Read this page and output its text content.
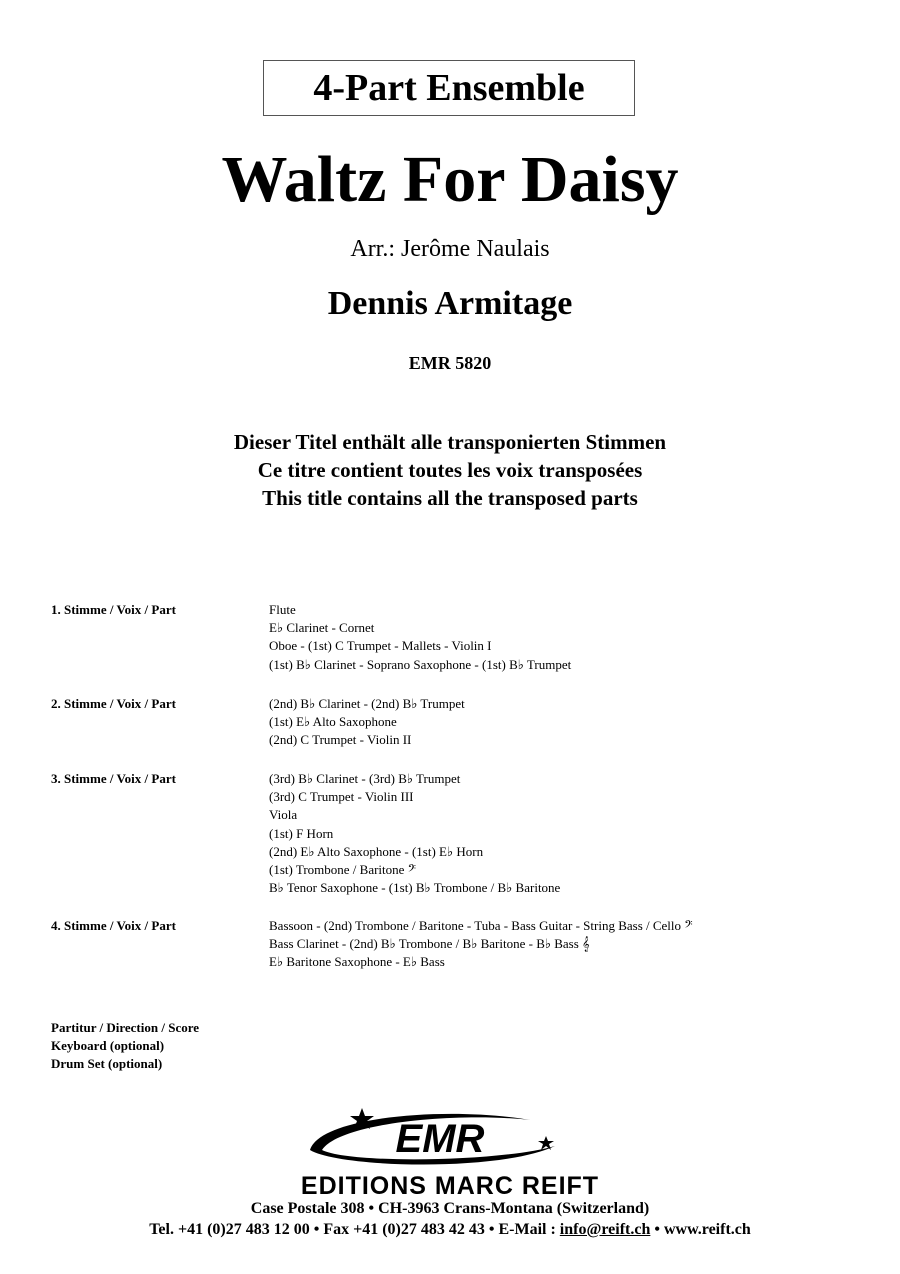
4-Part Ensemble
Waltz For Daisy
Arr.: Jerôme Naulais
Dennis Armitage
EMR 5820
Dieser Titel enthält alle transponierten Stimmen
Ce titre contient toutes les voix transposées
This title contains all the transposed parts
1. Stimme / Voix / Part	Flute
E♭ Clarinet - Cornet
Oboe - (1st) C Trumpet - Mallets - Violin I
(1st) B♭ Clarinet - Soprano Saxophone - (1st) B♭ Trumpet
2. Stimme / Voix / Part	(2nd) B♭ Clarinet - (2nd) B♭ Trumpet
(1st) E♭ Alto Saxophone
(2nd) C Trumpet - Violin II
3. Stimme / Voix / Part	(3rd) B♭ Clarinet - (3rd) B♭ Trumpet
(3rd) C Trumpet - Violin III
Viola
(1st) F Horn
(2nd) E♭ Alto Saxophone - (1st) E♭ Horn
(1st) Trombone / Baritone 𝄢
B♭ Tenor Saxophone - (1st) B♭ Trombone / B♭ Baritone
4. Stimme / Voix / Part	Bassoon - (2nd) Trombone / Baritone - Tuba - Bass Guitar - String Bass / Cello 𝄢
Bass Clarinet - (2nd) B♭ Trombone / B♭ Baritone - B♭ Bass 𝄞
E♭ Baritone Saxophone - E♭ Bass
Partitur / Direction / Score
Keyboard (optional)
Drum Set (optional)
EMR
EDITIONS MARC REIFT
Case Postale 308 • CH-3963 Crans-Montana (Switzerland)
Tel. +41 (0)27 483 12 00 • Fax +41 (0)27 483 42 43 • E-Mail : info@reift.ch • www.reift.ch
